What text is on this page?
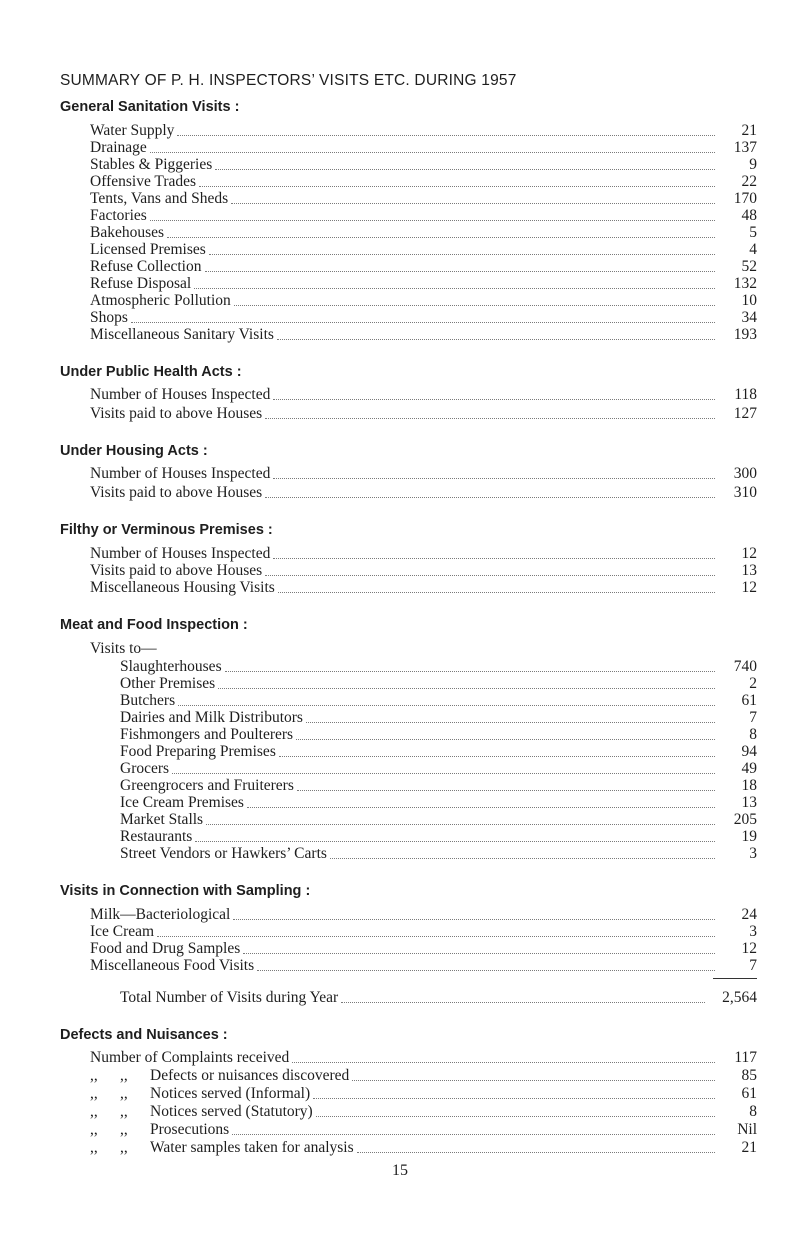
SUMMARY OF P. H. INSPECTORS’ VISITS ETC. DURING 1957
General Sanitation Visits :
Water Supply	21
Drainage	137
Stables & Piggeries	9
Offensive Trades	22
Tents, Vans and Sheds	170
Factories	48
Bakehouses	5
Licensed Premises	4
Refuse Collection	52
Refuse Disposal	132
Atmospheric Pollution	10
Shops	34
Miscellaneous Sanitary Visits	193
Under Public Health Acts :
Number of Houses Inspected	118
Visits paid to above Houses	127
Under Housing Acts :
Number of Houses Inspected	300
Visits paid to above Houses	310
Filthy or Verminous Premises :
Number of Houses Inspected	12
Visits paid to above Houses	13
Miscellaneous Housing Visits	12
Meat and Food Inspection :
Visits to—
Slaughterhouses	740
Other Premises	2
Butchers	61
Dairies and Milk Distributors	7
Fishmongers and Poulterers	8
Food Preparing Premises	94
Grocers	49
Greengrocers and Fruiterers	18
Ice Cream Premises	13
Market Stalls	205
Restaurants	19
Street Vendors or Hawkers’ Carts	3
Visits in Connection with Sampling :
Milk—Bacteriological	24
Ice Cream	3
Food and Drug Samples	12
Miscellaneous Food Visits	7
Total Number of Visits during Year	2,564
Defects and Nuisances :
Number of Complaints received	117
,, ,, Defects or nuisances discovered	85
,, ,, Notices served (Informal)	61
,, ,, Notices served (Statutory)	8
,, ,, Prosecutions	Nil
,, ,, Water samples taken for analysis	21
15
